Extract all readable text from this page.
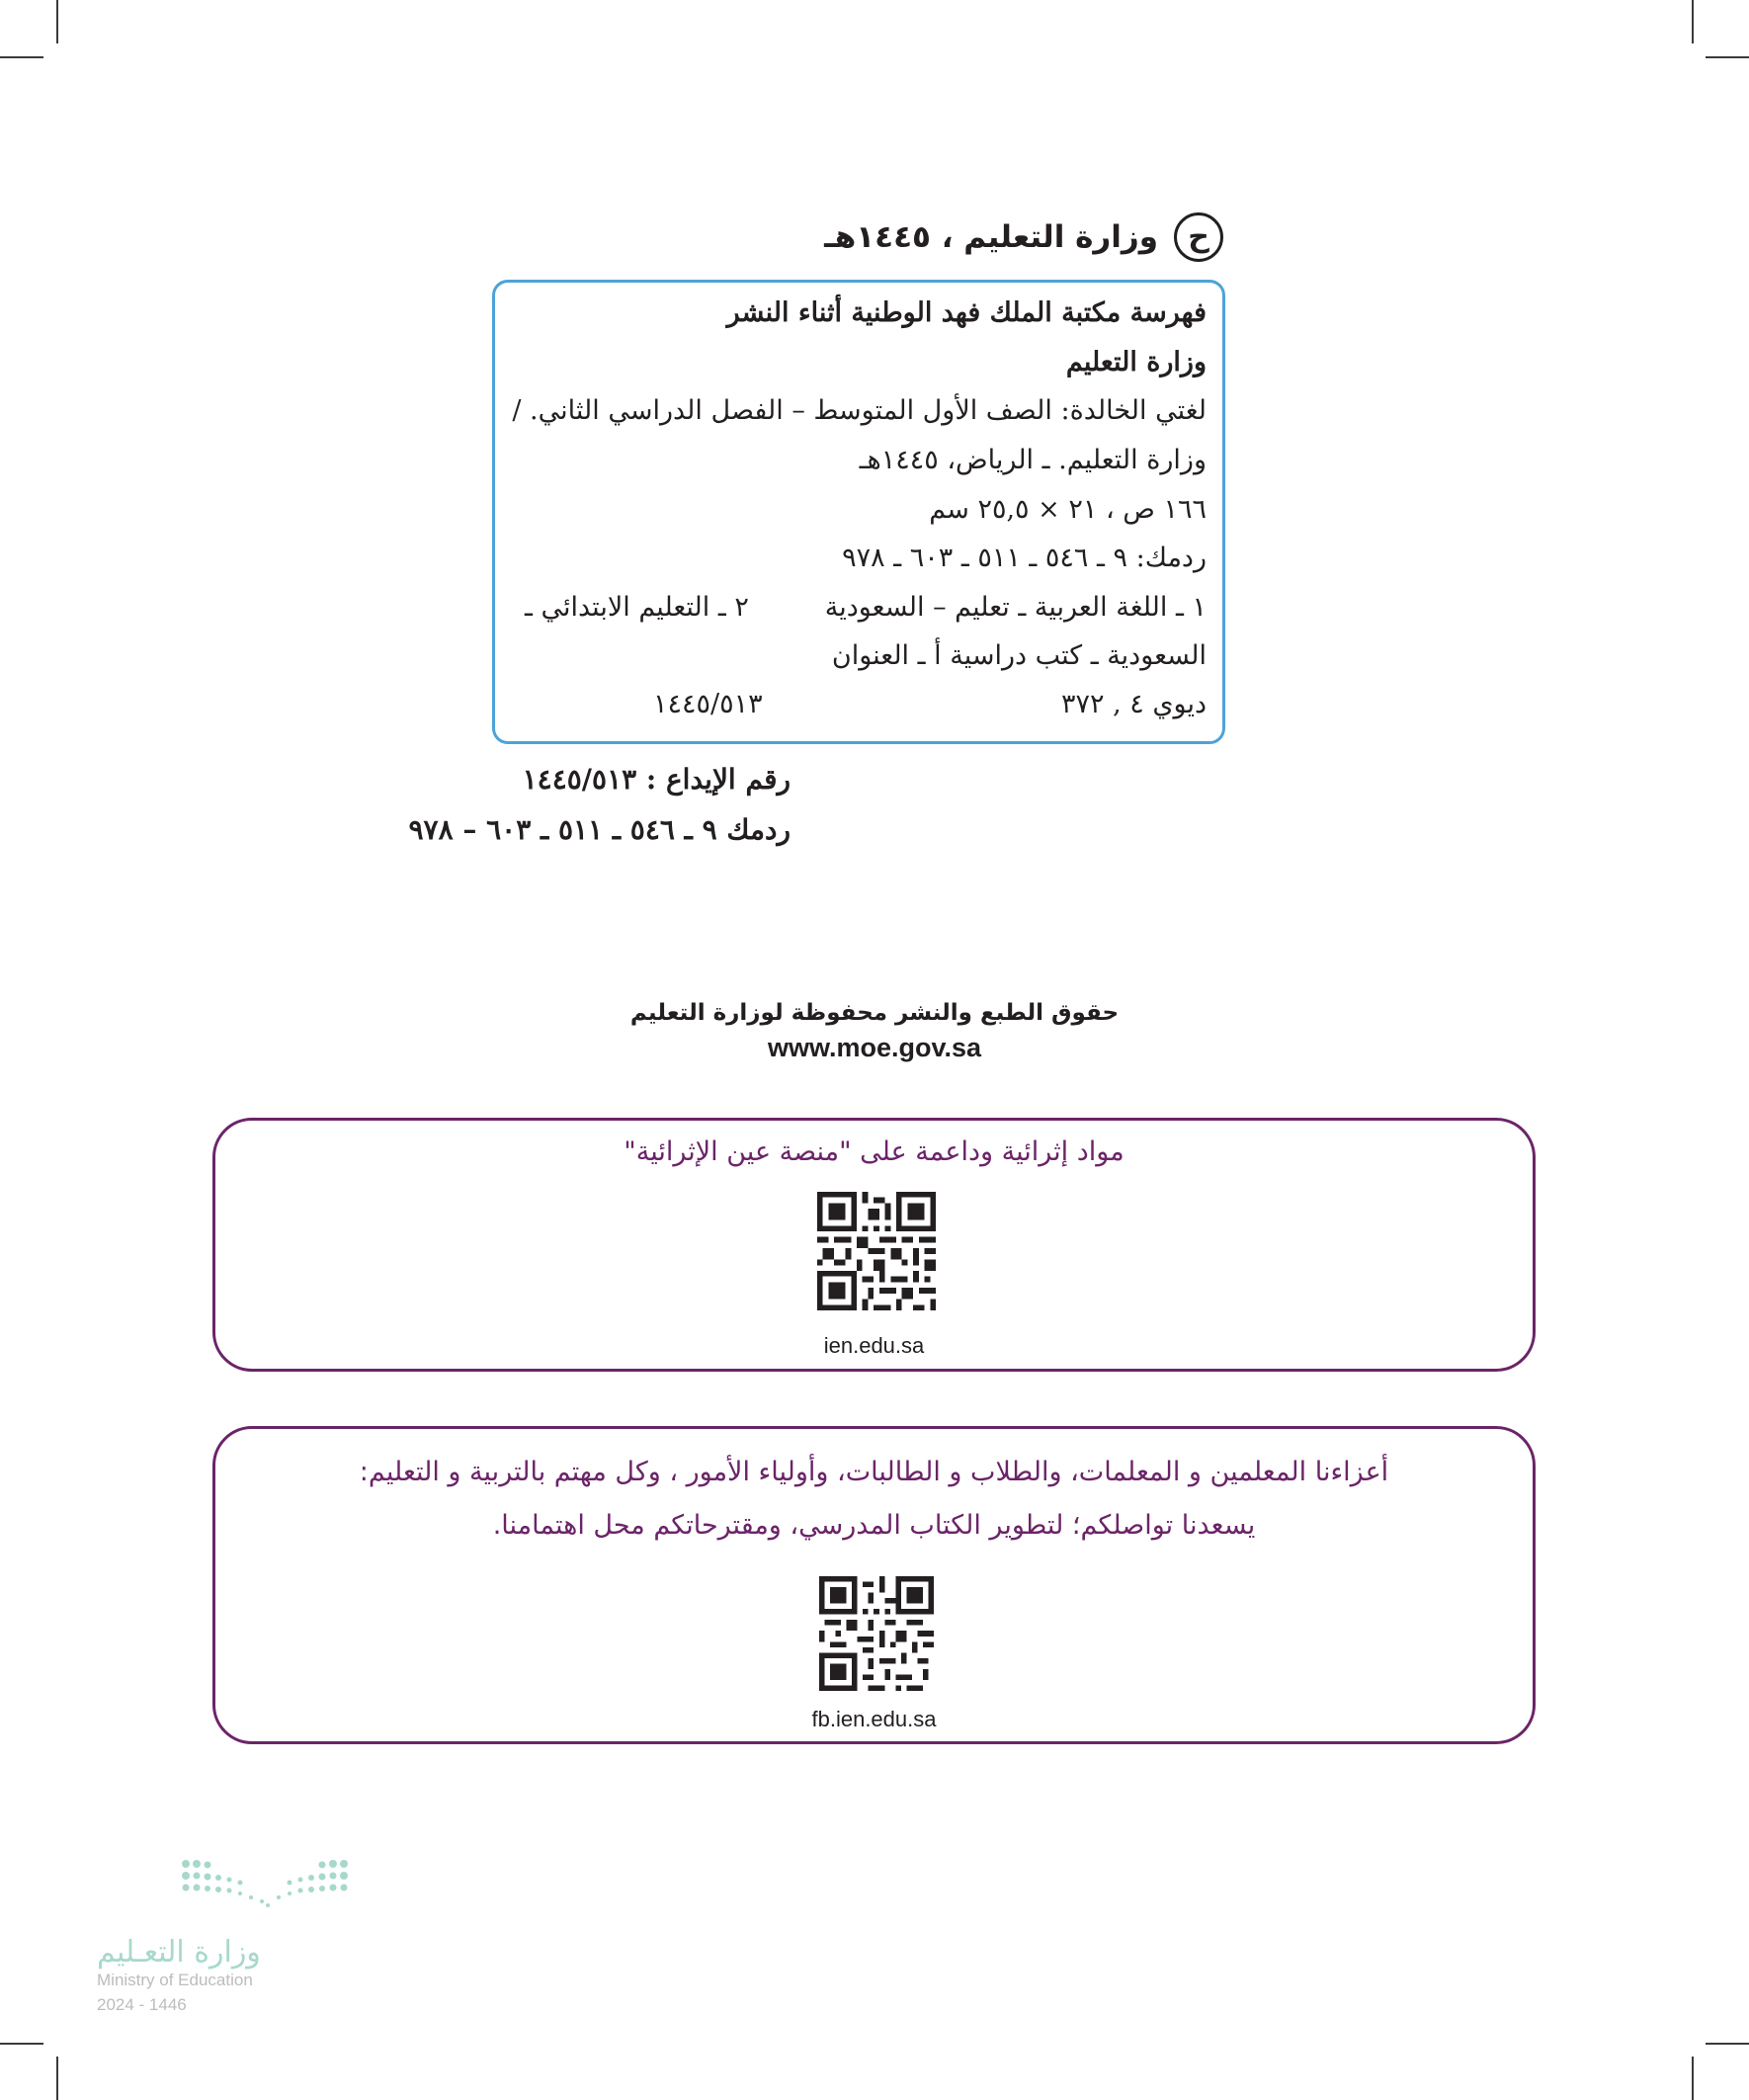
ح
وزارة التعليم ، ١٤٤٥هـ
فهرسة مكتبة الملك فهد الوطنية أثناء النشر
وزارة التعليم
لغتي الخالدة: الصف الأول المتوسط – الفصل الدراسي الثاني. /
وزارة التعليم. ـ الرياض، ١٤٤٥هـ
١٦٦ ص ، ٢١ × ٢٥,٥ سم
ردمك: ٩ ـ ٥٤٦ ـ ٥١١ ـ ٦٠٣ ـ ٩٧٨
١ ـ اللغة العربية ـ تعليم – السعودية
٢ ـ التعليم الابتدائي ـ
السعودية ـ كتب دراسية أ ـ العنوان
ديوي ٤ , ٣٧٢
١٤٤٥/٥١٣
رقم الإيداع : ١٤٤٥/٥١٣
ردمك ٩ ـ ٥٤٦ ـ ٥١١ ـ ٦٠٣ – ٩٧٨
حقوق الطبع والنشر محفوظة لوزارة التعليم
www.moe.gov.sa
مواد إثرائية وداعمة على "منصة عين الإثرائية"
ien.edu.sa
أعزاءنا المعلمين و المعلمات، والطلاب و الطالبات، وأولياء الأمور ، وكل مهتم بالتربية و التعليم:
يسعدنا تواصلكم؛ لتطوير الكتاب المدرسي، ومقترحاتكم محل اهتمامنا.
fb.ien.edu.sa
وزارة التعـليم
Ministry of Education
2024 - 1446
